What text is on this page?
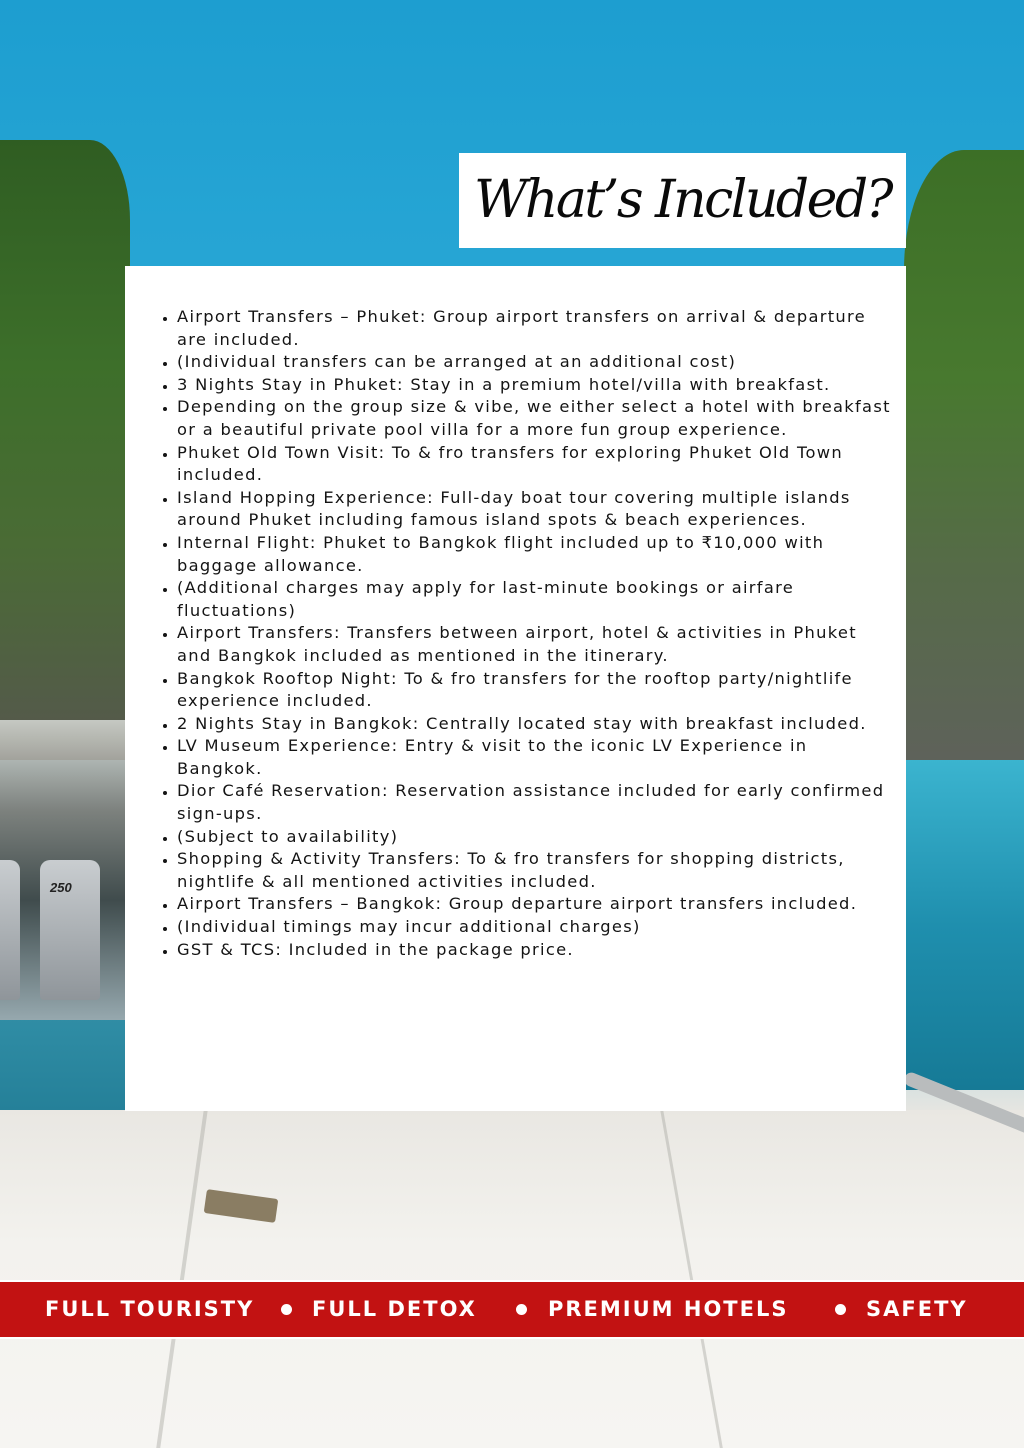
250
What’s Included?
• Airport Transfers – Phuket: Group airport transfers on arrival & departure are included.
• (Individual transfers can be arranged at an additional cost)
• 3 Nights Stay in Phuket: Stay in a premium hotel/villa with breakfast.
• Depending on the group size & vibe, we either select a hotel with breakfast or a beautiful private pool villa for a more fun group experience.
• Phuket Old Town Visit: To & fro transfers for exploring Phuket Old Town included.
• Island Hopping Experience: Full-day boat tour covering multiple islands around Phuket including famous island spots & beach experiences.
• Internal Flight: Phuket to Bangkok flight included up to ₹10,000 with baggage allowance.
• (Additional charges may apply for last-minute bookings or airfare fluctuations)
• Airport Transfers: Transfers between airport, hotel & activities in Phuket and Bangkok included as mentioned in the itinerary.
• Bangkok Rooftop Night: To & fro transfers for the rooftop party/nightlife experience included.
• 2 Nights Stay in Bangkok: Centrally located stay with breakfast included.
• LV Museum Experience: Entry & visit to the iconic LV Experience in Bangkok.
• Dior Café Reservation: Reservation assistance included for early confirmed sign-ups.
• (Subject to availability)
• Shopping & Activity Transfers: To & fro transfers for shopping districts, nightlife & all mentioned activities included.
• Airport Transfers – Bangkok: Group departure airport transfers included.
• (Individual timings may incur additional charges)
• GST & TCS: Included in the package price.
FULL TOURISTY	FULL DETOX	PREMIUM HOTELS	SAFETY
